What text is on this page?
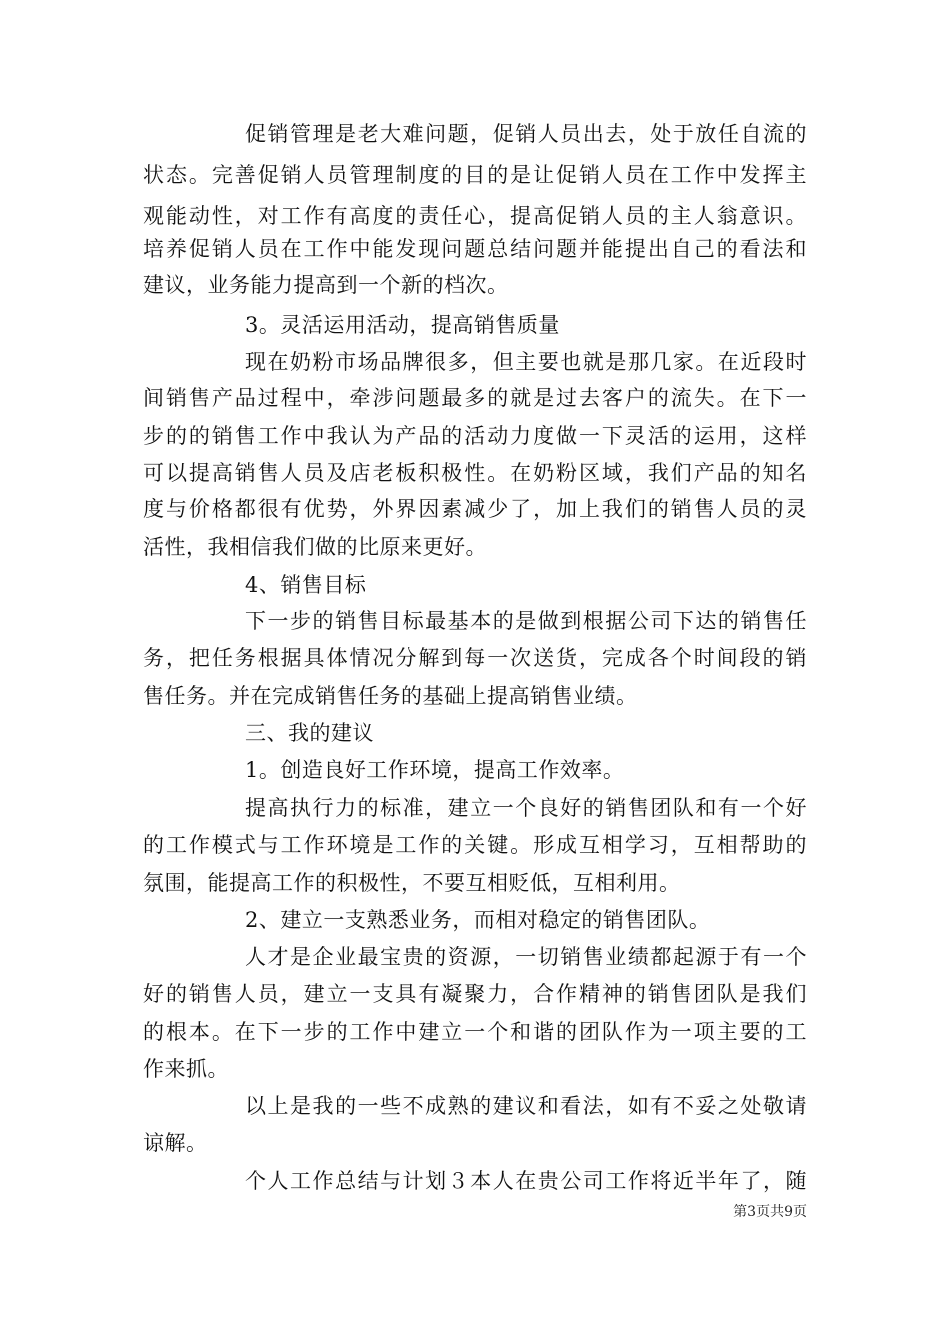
促销管理是老大难问题，促销人员出去，处于放任自流的
状态。完善促销人员管理制度的目的是让促销人员在工作中发挥主
观能动性，对工作有高度的责任心，提高促销人员的主人翁意识。
培养促销人员在工作中能发现问题总结问题并能提出自己的看法和
建议，业务能力提高到一个新的档次。
3。灵活运用活动，提高销售质量
现在奶粉市场品牌很多，但主要也就是那几家。在近段时
间销售产品过程中，牵涉问题最多的就是过去客户的流失。在下一
步的的销售工作中我认为产品的活动力度做一下灵活的运用，这样
可以提高销售人员及店老板积极性。在奶粉区域，我们产品的知名
度与价格都很有优势，外界因素减少了，加上我们的销售人员的灵
活性，我相信我们做的比原来更好。
4、销售目标
下一步的销售目标最基本的是做到根据公司下达的销售任
务，把任务根据具体情况分解到每一次送货，完成各个时间段的销
售任务。并在完成销售任务的基础上提高销售业绩。
三、我的建议
1。创造良好工作环境，提高工作效率。
提高执行力的标准，建立一个良好的销售团队和有一个好
的工作模式与工作环境是工作的关键。形成互相学习，互相帮助的
氛围，能提高工作的积极性，不要互相贬低，互相利用。
2、建立一支熟悉业务，而相对稳定的销售团队。
人才是企业最宝贵的资源，一切销售业绩都起源于有一个
好的销售人员，建立一支具有凝聚力，合作精神的销售团队是我们
的根本。在下一步的工作中建立一个和谐的团队作为一项主要的工
作来抓。
以上是我的一些不成熟的建议和看法，如有不妥之处敬请
谅解。
个人工作总结与计划３本人在贵公司工作将近半年了，随
第3页共9页
